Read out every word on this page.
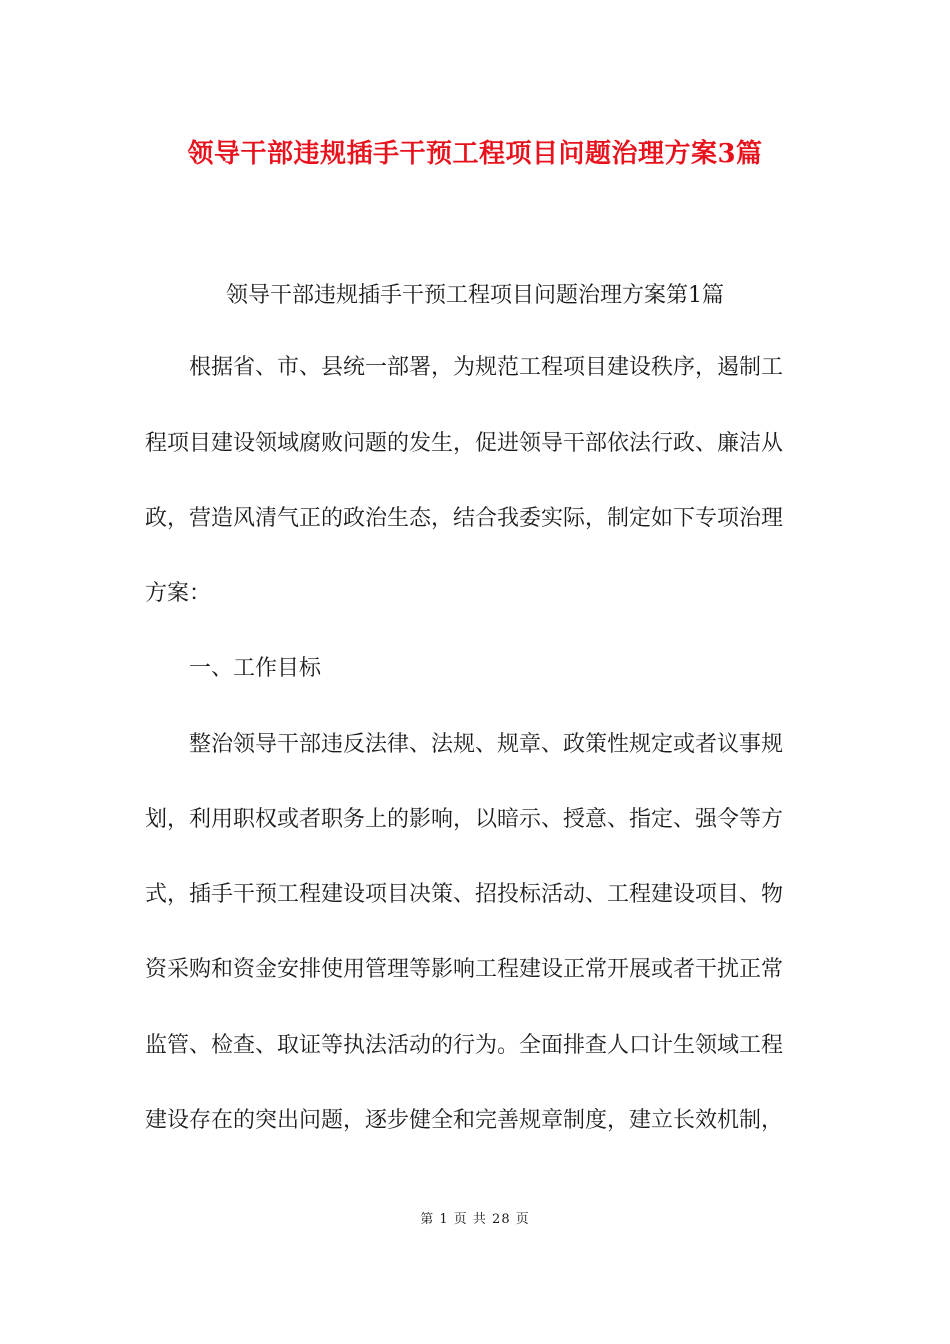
领导干部违规插手干预工程项目问题治理方案3篇
领导干部违规插手干预工程项目问题治理方案第1篇
根据省、市、县统一部署，为规范工程项目建设秩序，遏制工
程项目建设领域腐败问题的发生，促进领导干部依法行政、廉洁从
政，营造风清气正的政治生态，结合我委实际，制定如下专项治理
方案：
一、工作目标
整治领导干部违反法律、法规、规章、政策性规定或者议事规
划，利用职权或者职务上的影响，以暗示、授意、指定、强令等方
式，插手干预工程建设项目决策、招投标活动、工程建设项目、物
资采购和资金安排使用管理等影响工程建设正常开展或者干扰正常
监管、检查、取证等执法活动的行为。全面排查人口计生领域工程
建设存在的突出问题，逐步健全和完善规章制度，建立长效机制，
第 1 页 共 28 页
